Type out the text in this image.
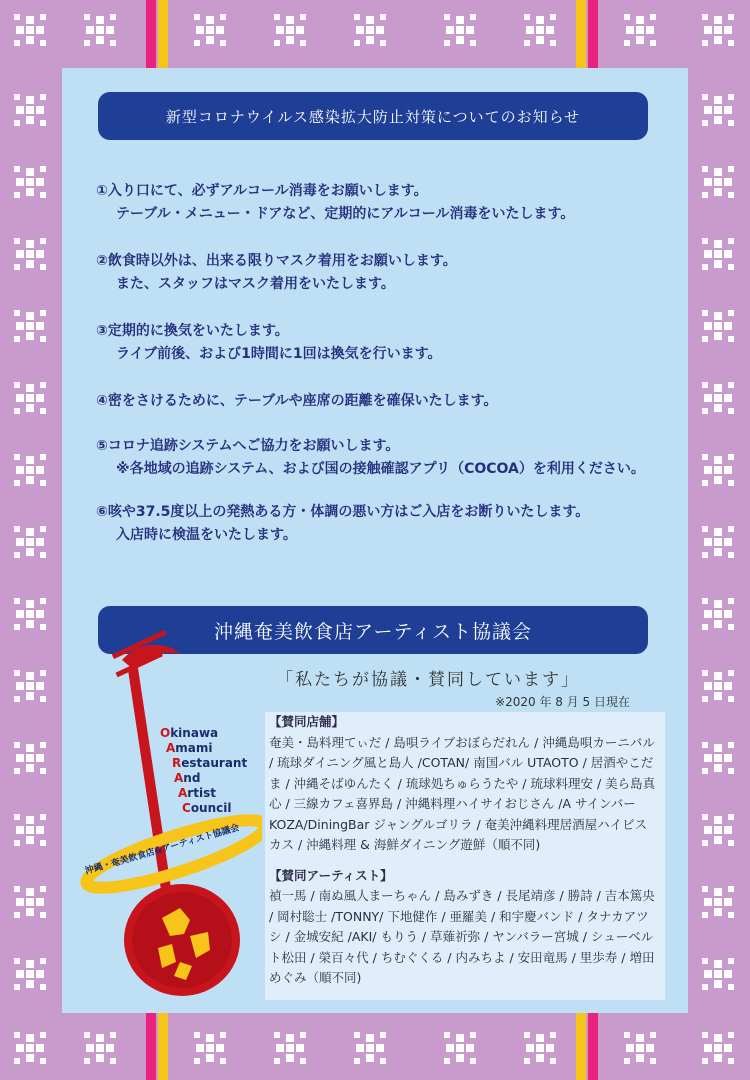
新型コロナウイルス感染拡大防止対策についてのお知らせ
①入り口にて、必ずアルコール消毒をお願いします。
テーブル・メニュー・ドアなど、定期的にアルコール消毒をいたします。
②飲食時以外は、出来る限りマスク着用をお願いします。
また、スタッフはマスク着用をいたします。
③定期的に換気をいたします。
ライブ前後、および1時間に1回は換気を行います。
④密をさけるために、テーブルや座席の距離を確保いたします。
⑤コロナ追跡システムへご協力をお願いします。
※各地域の追跡システム、および国の接触確認アプリ（COCOA）を利用ください。
⑥咳や37.5度以上の発熱ある方・体調の悪い方はご入店をお断りいたします。
入店時に検温をいたします。
沖縄奄美飲食店アーティスト協議会
沖縄・奄美飲食店&アーティスト協議会
Okinawa
Amami
Restaurant
And
Artist
Council
「私たちが協議・賛同しています」
※2020 年 8 月 5 日現在
【賛同店舗】
奄美・島料理てぃだ / 島唄ライブおぼらだれん / 沖縄島唄カーニバル / 琉球ダイニング風と島人 /COTAN/ 南国バル UTAOTO / 居酒やこだま / 沖縄そばゆんたく / 琉球処ちゅらうたや / 琉球料理安 / 美ら島真心 / 三線カフェ喜界島 / 沖縄料理ハイサイおじさん /A サインバー KOZA/DiningBar ジャングルゴリラ / 奄美沖縄料理居酒屋ハイビスカス / 沖縄料理 & 海鮮ダイニング遊鮮（順不同)
【賛同アーティスト】
禎一馬 / 南ぬ風人まーちゃん / 島みずき / 長尾靖彦 / 勝詩 / 吉本篤央 / 岡村聡士 /TONNY/ 下地健作 / 亜羅美 / 和宇慶バンド / タナカアツシ / 金城安紀 /AKI/ もりう / 草薙祈弥 / ヤンバラー宮城 / シューベルト松田 / 榮百々代 / ちむぐくる / 内みちよ / 安田竜馬 / 里歩寿 / 増田めぐみ（順不同)
